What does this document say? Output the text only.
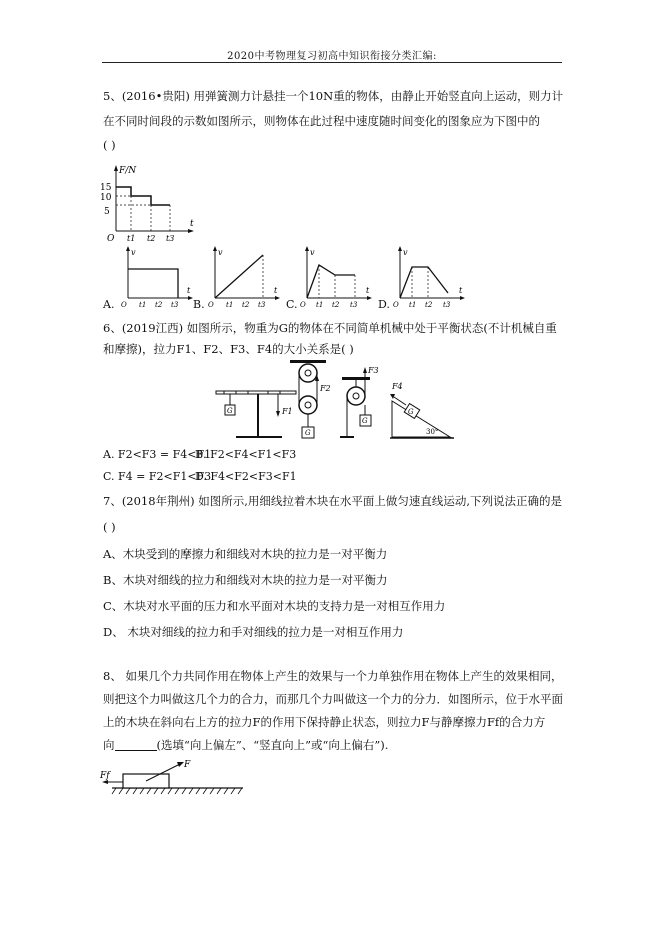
2020中考物理复习初高中知识衔接分类汇编:
5、(2016•贵阳) 用弹簧测力计悬挂一个10N重的物体，由静止开始竖直向上运动，则力计
在不同时间段的示数如图所示，则物体在此过程中速度随时间变化的图象应为下图中的
( )
F/N
15
10
5
O t1 t2 t3
t
A.	B.	C.	D.
v
O t1 t2 t3
t
v
O t1 t2 t3
t
v
O t1 t2 t3
t
v
O t1 t2 t3
t
6、(2019江西) 如图所示，物重为G的物体在不同简单机械中处于平衡状态(不计机械自重
和摩擦)，拉力F1、F2、F3、F4的大小关系是( )
G	F1
F2
G
F3
G
G
F4
30°
A. F2<F3 = F4<F1
B. F2<F4<F1<F3
C. F4 = F2<F1<F3
D. F4<F2<F3<F1
7、(2018年荆州) 如图所示,用细线拉着木块在水平面上做匀速直线运动,下列说法正确的是
( )
A、木块受到的摩擦力和细线对木块的拉力是一对平衡力
B、木块对细线的拉力和细线对木块的拉力是一对平衡力
C、木块对水平面的压力和水平面对木块的支持力是一对相互作用力
D、 木块对细线的拉力和手对细线的拉力是一对相互作用力
8、 如果几个力共同作用在物体上产生的效果与一个力单独作用在物体上产生的效果相同，
则把这个力叫做这几个力的合力，而那几个力叫做这一个力的分力．如图所示，位于水平面
上的木块在斜向右上方的拉力F的作用下保持静止状态，则拉力F与静摩擦力Ff的合力方
向	(选填“向上偏左”、“竖直向上”或“向上偏右”).
F
Ff
